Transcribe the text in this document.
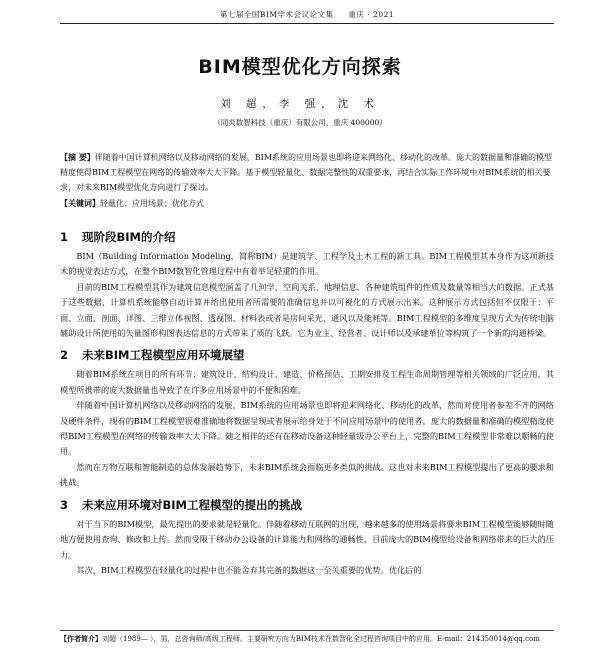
第七届全国BIM学术会议论文集 重庆 · 2021
BIM模型优化方向探索
刘 超，李 强，沈 术
（同炎数智科技（重庆）有限公司，重庆 400000）

【摘 要】伴随着中国计算机网络以及移动网络的发展，BIM系统的应用场景也即将迎来网络化、移动化的改革。庞大的数据量和准确的模型精度使得BIM工程模型在网络的传输效率大大下降。基于模型轻量化、数据完整性的双重要求，再结合实际工作环境中对BIM系统的相关要求，对未来BIM模型优化方向进行了探讨。

【关键词】轻量化；应用场景；优化方式

1 现阶段BIM的介绍

BIM（Building Information Modeling，简称BIM）是建筑学、工程学及土木工程的新工具。BIM工程模型其本身作为这项新技术的视觉表达方式，在整个BIM数智化管理过程中有着举足轻重的作用。

目前的BIM工程模型其作为建筑信息模型涵盖了几何学、空间关系、地理信息、各种建筑组件的性质及数量等相当大的数据。正式基于这些数据，计算机系统能够自动计算并给出使用者所需要的准确信息并以可视化的方式展示出来。这种展示方式包括但不仅限于：平面、立面、剖面、详图、三维立体视图、透视图、材料表或者是房间采光、通风以及能耗等。BIM工程模型的多维度呈现方式为传统电脑辅助设计所使用的矢量图形构图表达信息的方式带来了质的飞跃。它为业主、经营者、设计师以及承建单位等构筑了一个新的沟通桥梁。

2 未来BIM工程模型应用环境展望

随着BIM系统在项目的所有环节：建筑设计、结构设计、建造、价格预估、工期安排及工程生命周期管理等相关领域的广泛应用，其模型所携带的庞大数据量也导致了在许多应用场景中的不便和困难。

伴随着中国计算机网络以及移动网络的发展，BIM系统的应用场景也即将迎来网络化、移动化的改革，然而对使用者参差不齐的网络及硬件条件，现有的BIM工程模型很难准确地将数据呈现或者展示给身处于不同应用场景中的使用者。庞大的数据量和准确的模型精度使得BIM工程模型在网络的传输效率大大下降。随之相伴的还有在移动设备这种轻量级办公平台上，完整的BIM工程模型非常难以顺畅的使用。

然而在万物互联和智能制造的总体发展趋势下，未来BIM系统会面临更多类似的挑战。这也对未来BIM工程模型提出了更高的要求和挑战。

3 未来应用环境对BIM工程模型的提出的挑战

对于当下的BIM模型，最先提出的要求就是轻量化。伴随着移动互联网的出现，越来越多的使用场景将要求BIM工程模型能够随时随地方便使用查询、修改和上传。然而受限于移动办公设备的计算能力和网络的通畅性，目前庞大的BIM模型给设备和网络带来的巨大的压力。

其次，BIM工程模型在轻量化的过程中也不能舍弃其完备的数据这一至关重要的优势。优化后的

【作者简介】刘超（1989— ），男，总咨询师/高级工程师。主要研究方向为BIM技术在数智化全过程咨询项目中的应用。E-mail：214350014@qq.com
